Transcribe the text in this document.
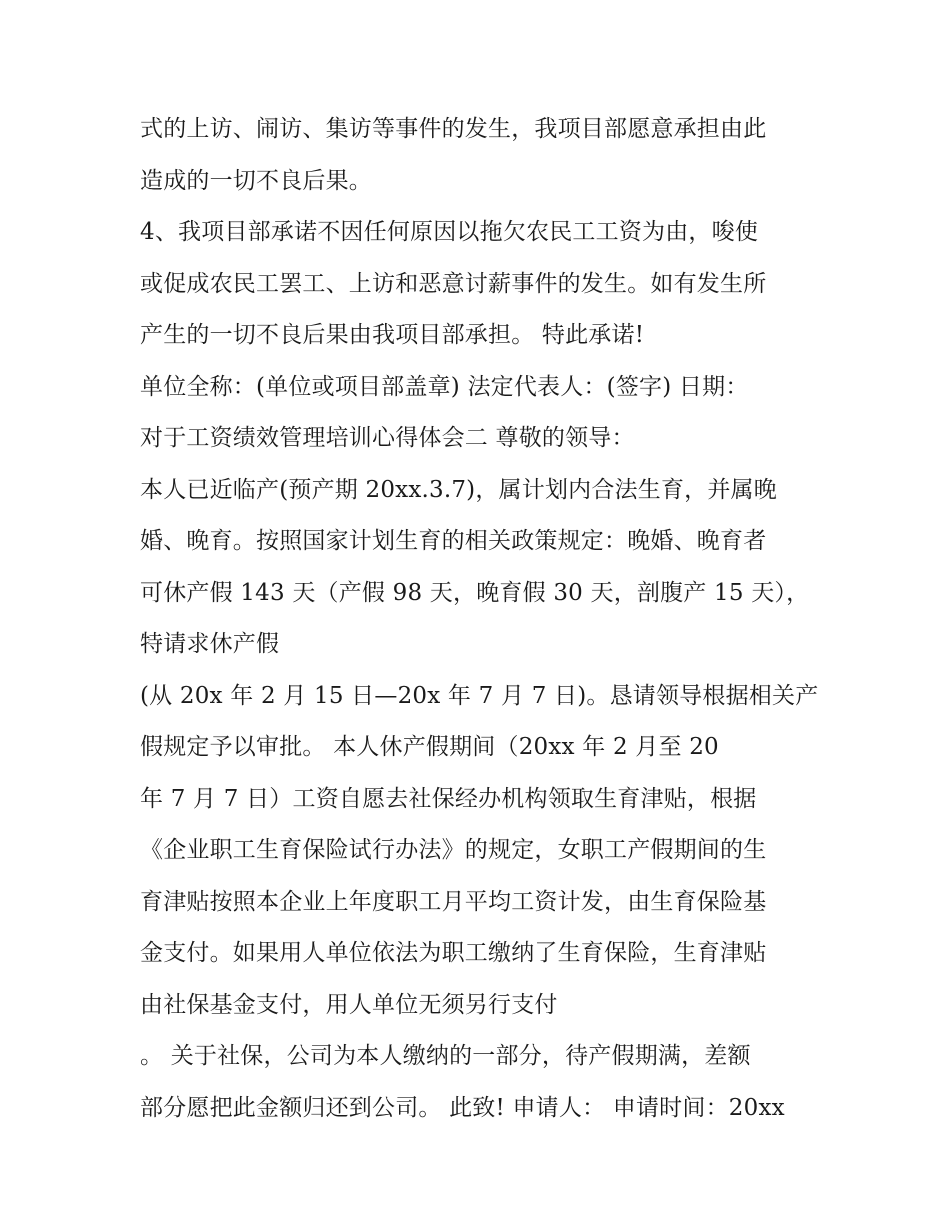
式的上访、闹访、集访等事件的发生，我项目部愿意承担由此
造成的一切不良后果。
4、我项目部承诺不因任何原因以拖欠农民工工资为由，唆使
或促成农民工罢工、上访和恶意讨薪事件的发生。如有发生所
产生的一切不良后果由我项目部承担。 特此承诺!
单位全称：(单位或项目部盖章) 法定代表人：(签字) 日期：
对于工资绩效管理培训心得体会二 尊敬的领导：
本人已近临产(预产期 20xx.3.7)，属计划内合法生育，并属晚
婚、晚育。按照国家计划生育的相关政策规定：晚婚、晚育者
可休产假 143 天（产假 98 天，晚育假 30 天，剖腹产 15 天），
特请求休产假
(从 20x 年 2 月 15 日—20x 年 7 月 7 日)。恳请领导根据相关产
假规定予以审批。 本人休产假期间（20xx 年 2 月至 20
年 7 月 7 日）工资自愿去社保经办机构领取生育津贴，根据
《企业职工生育保险试行办法》的规定，女职工产假期间的生
育津贴按照本企业上年度职工月平均工资计发，由生育保险基
金支付。如果用人单位依法为职工缴纳了生育保险，生育津贴
由社保基金支付，用人单位无须另行支付
。 关于社保，公司为本人缴纳的一部分，待产假期满，差额
部分愿把此金额归还到公司。 此致! 申请人： 申请时间：20xx
